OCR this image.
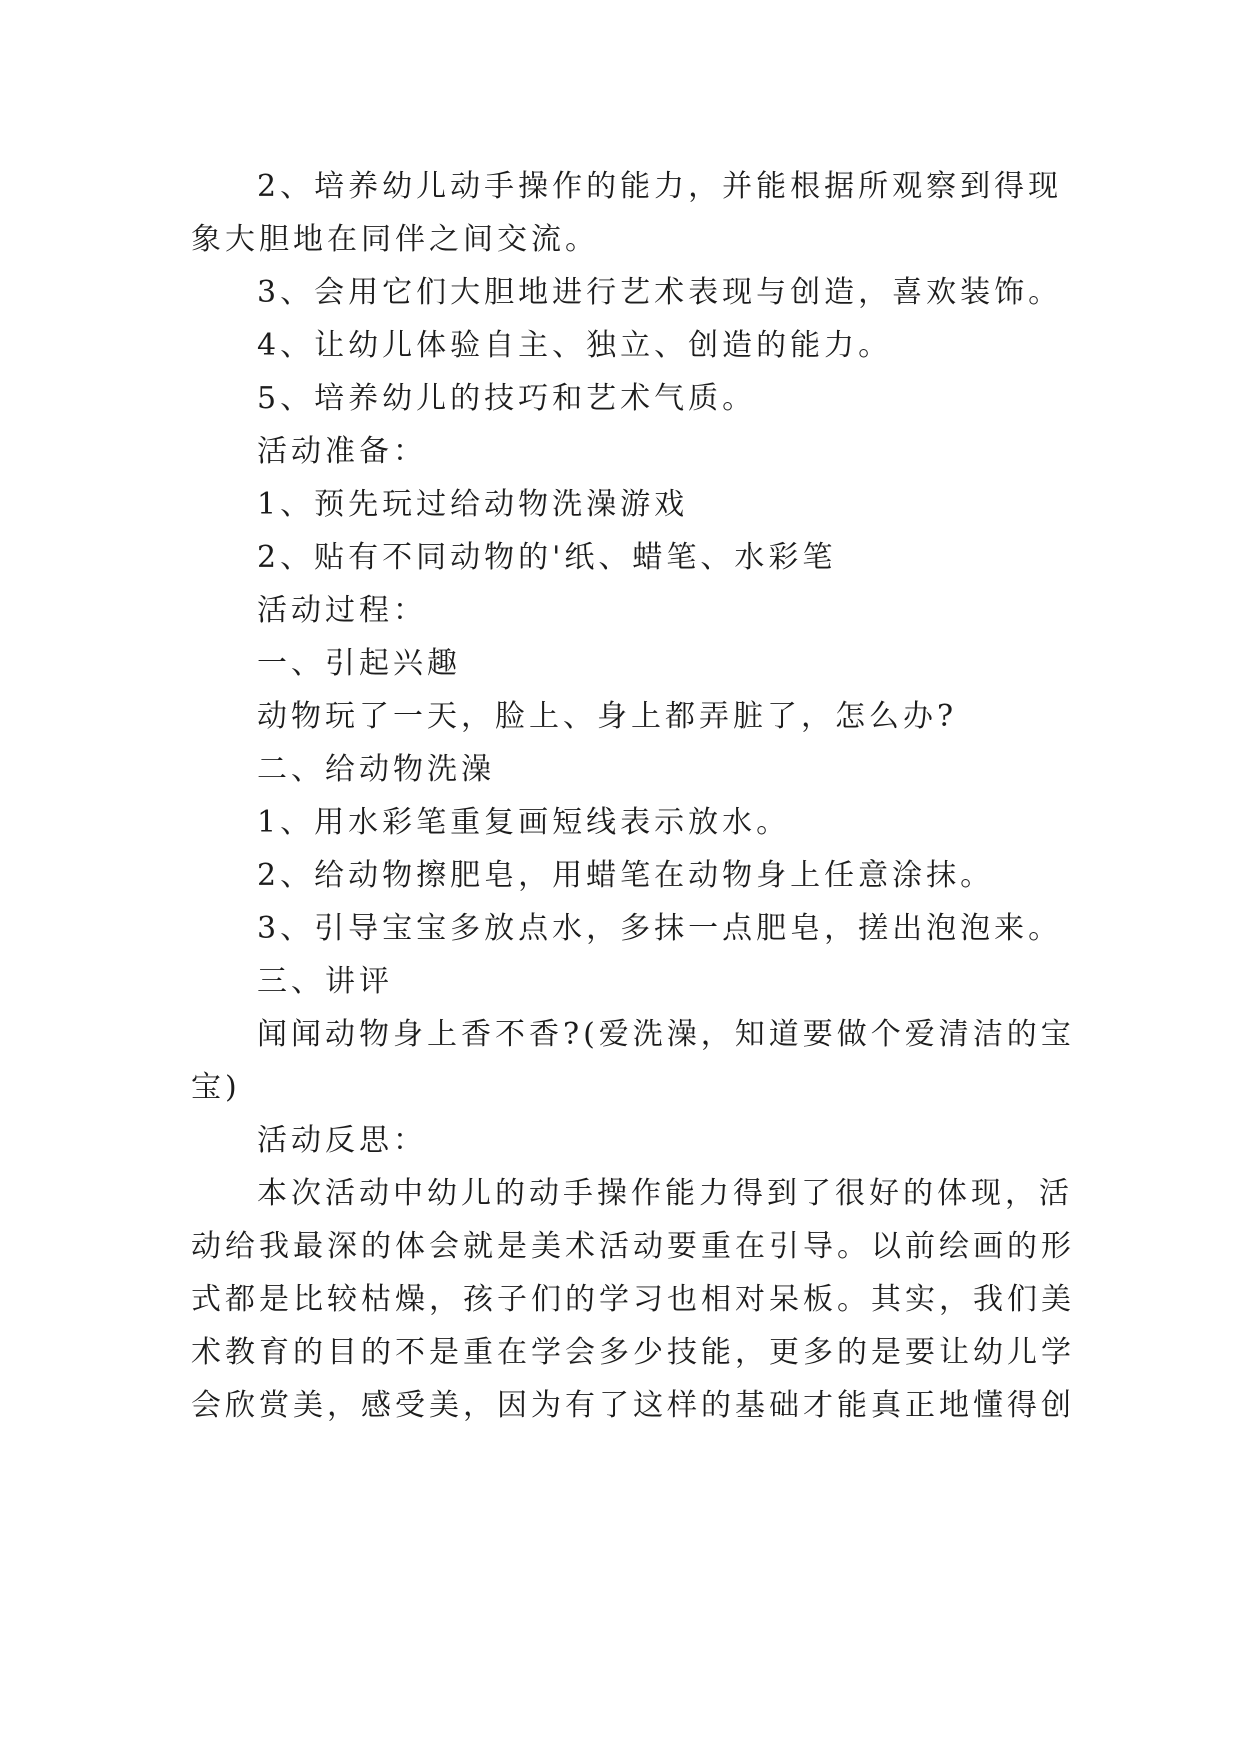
2、培养幼儿动手操作的能力，并能根据所观察到得现
象大胆地在同伴之间交流。
3、会用它们大胆地进行艺术表现与创造，喜欢装饰。
4、让幼儿体验自主、独立、创造的能力。
5、培养幼儿的技巧和艺术气质。
活动准备：
1、预先玩过给动物洗澡游戏
2、贴有不同动物的'纸、蜡笔、水彩笔
活动过程：
一、引起兴趣
动物玩了一天，脸上、身上都弄脏了，怎么办?
二、给动物洗澡
1、用水彩笔重复画短线表示放水。
2、给动物擦肥皂，用蜡笔在动物身上任意涂抹。
3、引导宝宝多放点水，多抹一点肥皂，搓出泡泡来。
三、讲评
闻闻动物身上香不香?(爱洗澡，知道要做个爱清洁的宝
宝)
活动反思：
本次活动中幼儿的动手操作能力得到了很好的体现，活
动给我最深的体会就是美术活动要重在引导。以前绘画的形
式都是比较枯燥，孩子们的学习也相对呆板。其实，我们美
术教育的目的不是重在学会多少技能，更多的是要让幼儿学
会欣赏美，感受美，因为有了这样的基础才能真正地懂得创
